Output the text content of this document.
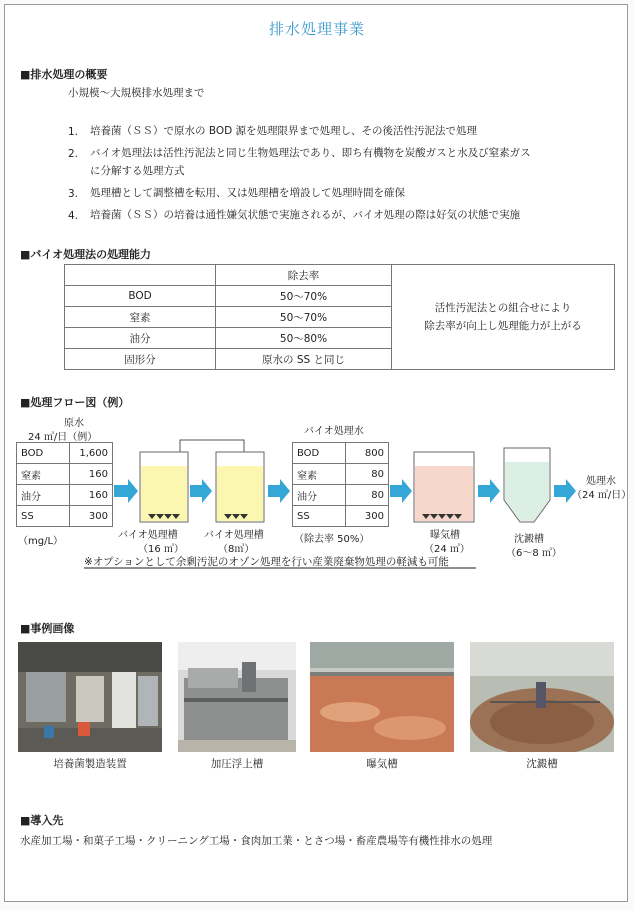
排水処理事業
■排水処理の概要
小規模～大規模排水処理まで
1. 培養菌（ＳＳ）で原水の BOD 源を処理限界まで処理し、その後活性汚泥法で処理
2. バイオ処理法は活性汚泥法と同じ生物処理法であり、即ち有機物を炭酸ガスと水及び窒素ガス
に分解する処理方式
3. 処理槽として調整槽を転用、又は処理槽を増設して処理時間を確保
4. 培養菌（ＳＳ）の培養は通性嫌気状態で実施されるが、バイオ処理の際は好気の状態で実施
■バイオ処理法の処理能力
	除去率	活性汚泥法との組合せにより
除去率が向上し処理能力が上がる

BOD	50～70%	
窒素	50～70%	
油分	50～80%	
固形分	原水の SS と同じ	
■処理フロー図（例）
原水
24 ㎥/日（例）
BOD	1,600
窒素	160
油分	160
SS	300
（mg/L）
バイオ処理槽
（16 ㎥）
バイオ処理槽
（8㎥）
バイオ処理水
BOD	800
窒素	80
油分	80
SS	300
（除去率 50%）	曝気槽
（24 ㎥）
沈澱槽
（6～8 ㎥）
処理水
（24 ㎥/日）
※オプションとして余剰汚泥のオゾン処理を行い産業廃棄物処理の軽減も可能
■事例画像
培養菌製造装置	加圧浮上槽	曝気槽	沈澱槽
■導入先
水産加工場・和菓子工場・クリーニング工場・食肉加工業・とさつ場・畜産農場等有機性排水の処理
